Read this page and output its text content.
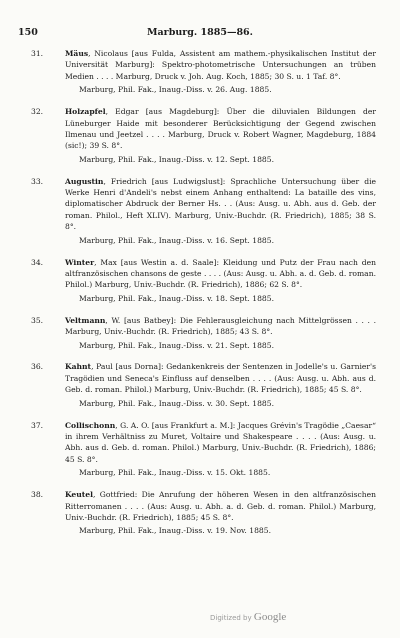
150	Marburg. 1885—86.
31.	Mäus, Nicolaus [aus Fulda, Assistent am mathem.-physikalischen Institut der Universität Marburg]: Spektro-photometrische Untersuchungen an trüben Medien . . . . Marburg, Druck v. Joh. Aug. Koch, 1885; 30 S. u. 1 Taf. 8°.
Marburg, Phil. Fak., Inaug.-Diss. v. 26. Aug. 1885.
32.	Holzapfel, Edgar [aus Magdeburg]: Über die diluvialen Bildungen der Lüneburger Haide mit besonderer Berücksichtigung der Gegend zwischen Ilmenau und Jeetzel . . . . Marburg, Druck v. Robert Wagner, Magdeburg, 1884 (sic!); 39 S. 8°.
Marburg, Phil. Fak., Inaug.-Diss. v. 12. Sept. 1885.
33.	Augustin, Friedrich [aus Ludwigslust]: Sprachliche Untersuchung über die Werke Henri d'Andeli's nebst einem Anhang enthaltend: La bataille des vins, diplomatischer Abdruck der Berner Hs. . . (Aus: Ausg. u. Abh. aus d. Geb. der roman. Philol., Heft XLIV). Marburg, Univ.-Buchdr. (R. Friedrich), 1885; 38 S. 8°.
Marburg, Phil. Fak., Inaug.-Diss. v. 16. Sept. 1885.
34.	Winter, Max [aus Westin a. d. Saale]: Kleidung und Putz der Frau nach den altfranzösischen chansons de geste . . . . (Aus: Ausg. u. Abh. a. d. Geb. d. roman. Philol.) Marburg, Univ.-Buchdr. (R. Friedrich), 1886; 62 S. 8°.
Marburg, Phil. Fak., Inaug.-Diss. v. 18. Sept. 1885.
35.	Veltmann, W. [aus Batbey]: Die Fehlerausgleichung nach Mittelgrössen . . . . Marburg, Univ.-Buchdr. (R. Friedrich), 1885; 43 S. 8°.
Marburg, Phil. Fak., Inaug.-Diss. v. 21. Sept. 1885.
36.	Kahnt, Paul [aus Dorna]: Gedankenkreis der Sentenzen in Jodelle's u. Garnier's Tragödien und Seneca's Einfluss auf denselben . . . . (Aus: Ausg. u. Abh. aus d. Geb. d. roman. Philol.) Marburg, Univ.-Buchdr. (R. Friedrich), 1885; 45 S. 8°.
Marburg, Phil. Fak., Inaug.-Diss. v. 30. Sept. 1885.
37.	Collischonn, G. A. O. [aus Frankfurt a. M.]: Jacques Grévin's Tragödie „Caesar“ in ihrem Verhältniss zu Muret, Voltaire und Shakespeare . . . . (Aus: Ausg. u. Abh. aus d. Geb. d. roman. Philol.) Marburg, Univ.-Buchdr. (R. Friedrich), 1886; 45 S. 8°.
Marburg, Phil. Fak., Inaug.-Diss. v. 15. Okt. 1885.
38.	Keutel, Gottfried: Die Anrufung der höheren Wesen in den altfranzösischen Ritterromanen . . . . (Aus: Ausg. u. Abh. a. d. Geb. d. roman. Philol.) Marburg, Univ.-Buchdr. (R. Friedrich), 1885; 45 S. 8°.
Marburg, Phil. Fak., Inaug.-Diss. v. 19. Nov. 1885.
Digitized by Google
